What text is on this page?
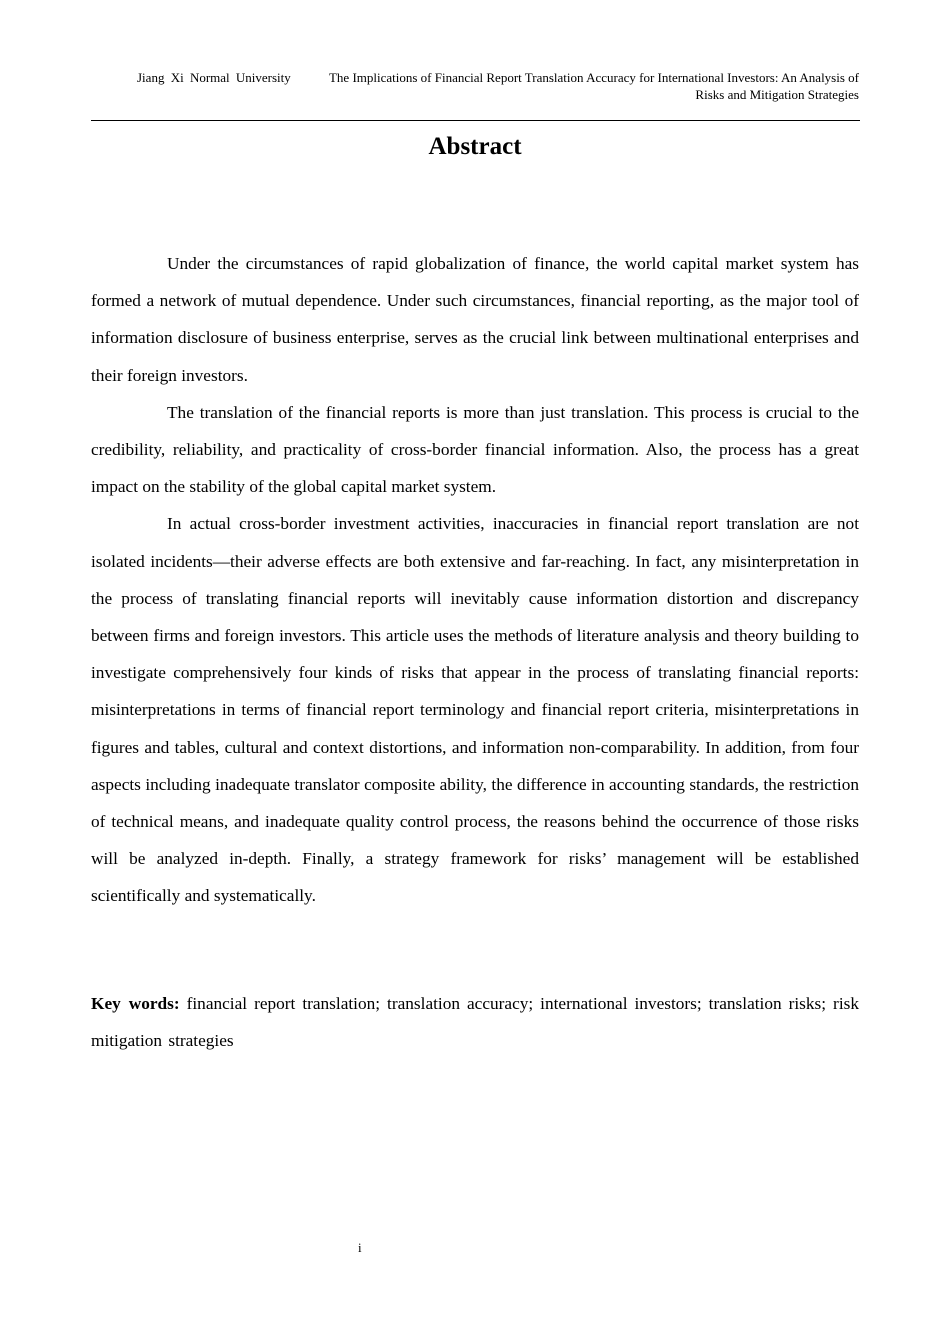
Jiang Xi Normal University	The Implications of Financial Report Translation Accuracy for International Investors: An Analysis of Risks and Mitigation Strategies
Abstract

Under the circumstances of rapid globalization of finance, the world capital market system has formed a network of mutual dependence. Under such circumstances, financial reporting, as the major tool of information disclosure of business enterprise, serves as the crucial link between multinational enterprises and their foreign investors.

The translation of the financial reports is more than just translation. This process is crucial to the credibility, reliability, and practicality of cross-border financial information. Also, the process has a great impact on the stability of the global capital market system.

In actual cross-border investment activities, inaccuracies in financial report translation are not isolated incidents—their adverse effects are both extensive and far-reaching. In fact, any misinterpretation in the process of translating financial reports will inevitably cause information distortion and discrepancy between firms and foreign investors. This article uses the methods of literature analysis and theory building to investigate comprehensively four kinds of risks that appear in the process of translating financial reports: misinterpretations in terms of financial report terminology and financial report criteria, misinterpretations in figures and tables, cultural and context distortions, and information non-comparability. In addition, from four aspects including inadequate translator composite ability, the difference in accounting standards, the restriction of technical means, and inadequate quality control process, the reasons behind the occurrence of those risks will be analyzed in-depth. Finally, a strategy framework for risks’ management will be established scientifically and systematically.

Key words: financial report translation; translation accuracy; international investors; translation risks; risk mitigation strategies

i
